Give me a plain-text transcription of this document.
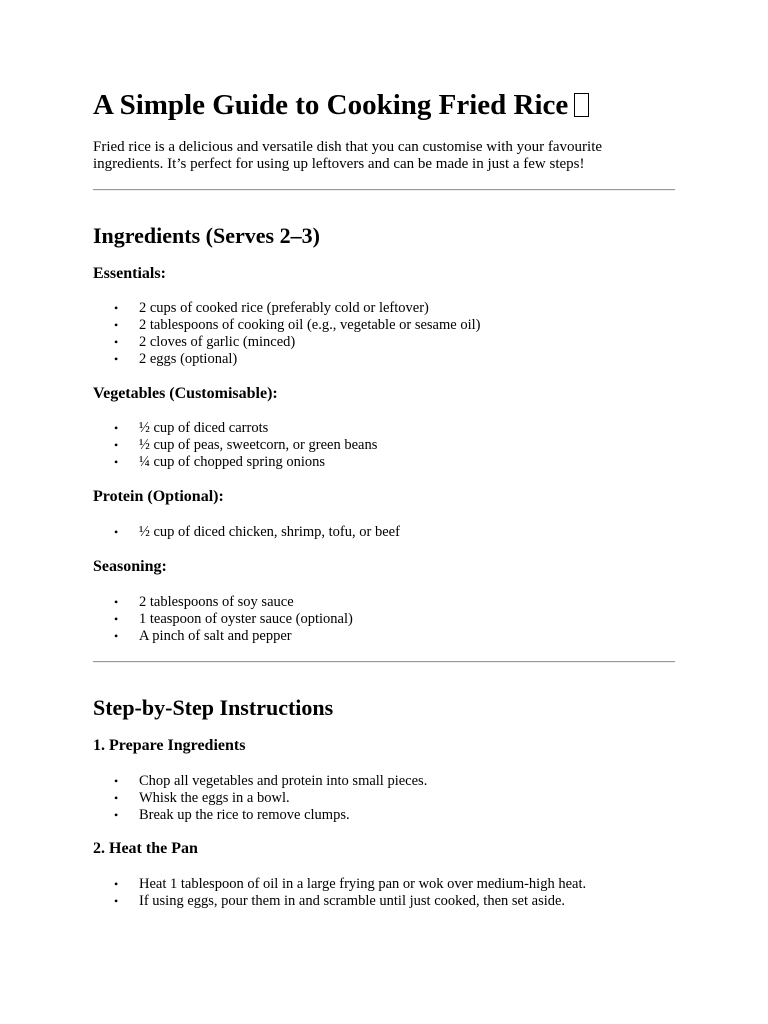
A Simple Guide to Cooking Fried Rice

Fried rice is a delicious and versatile dish that you can customise with your favourite ingredients. It’s perfect for using up leftovers and can be made in just a few steps!

Ingredients (Serves 2–3)
Essentials:
• 2 cups of cooked rice (preferably cold or leftover)
• 2 tablespoons of cooking oil (e.g., vegetable or sesame oil)
• 2 cloves of garlic (minced)
• 2 eggs (optional)
Vegetables (Customisable):
• ½ cup of diced carrots
• ½ cup of peas, sweetcorn, or green beans
• ¼ cup of chopped spring onions
Protein (Optional):
• ½ cup of diced chicken, shrimp, tofu, or beef
Seasoning:
• 2 tablespoons of soy sauce
• 1 teaspoon of oyster sauce (optional)
• A pinch of salt and pepper
Step-by-Step Instructions
1. Prepare Ingredients
• Chop all vegetables and protein into small pieces.
• Whisk the eggs in a bowl.
• Break up the rice to remove clumps.
2. Heat the Pan
• Heat 1 tablespoon of oil in a large frying pan or wok over medium-high heat.
• If using eggs, pour them in and scramble until just cooked, then set aside.
